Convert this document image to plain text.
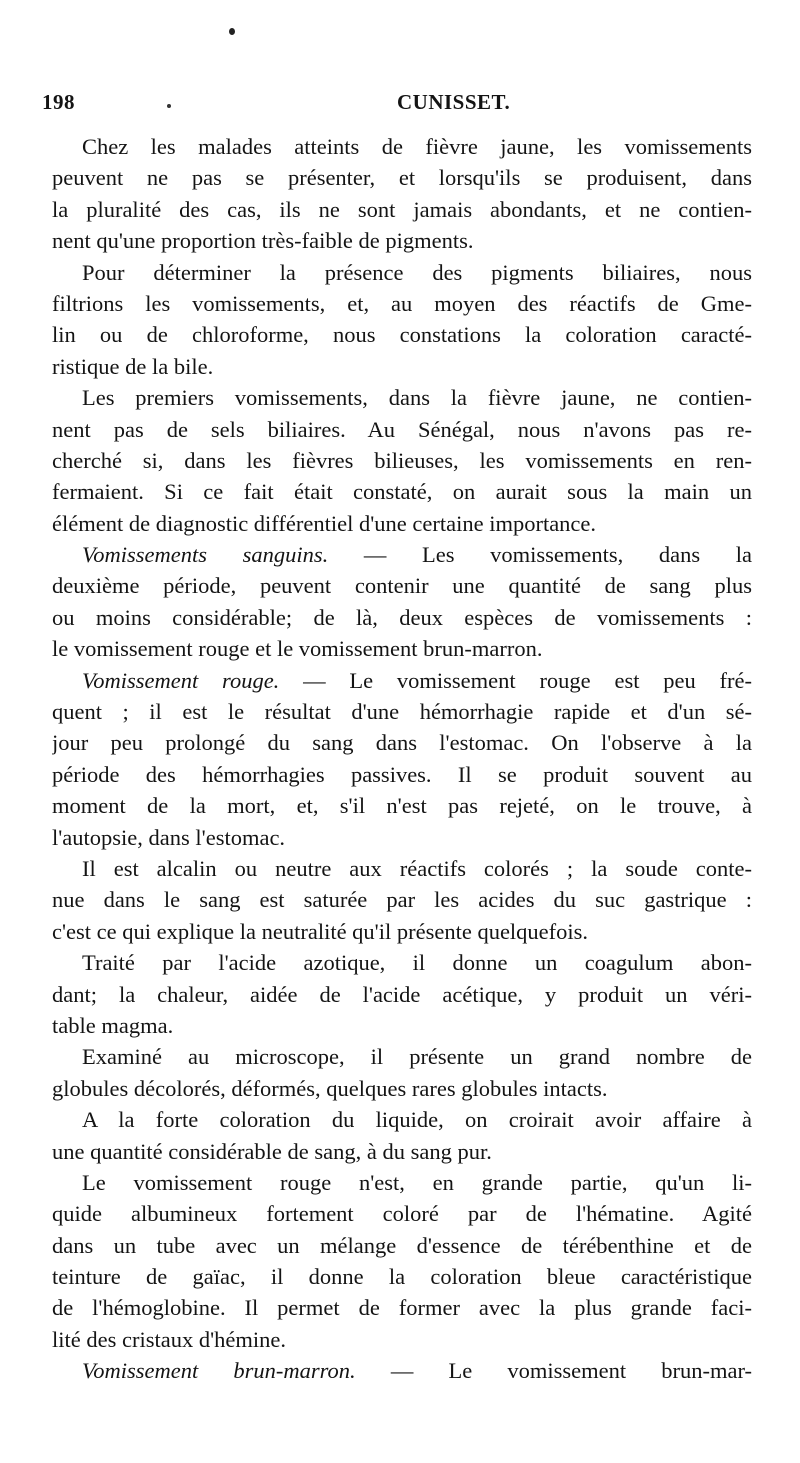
198	CUNISSET.
Chez les malades atteints de fièvre jaune, les vomissements
peuvent ne pas se présenter, et lorsqu'ils se produisent, dans
la pluralité des cas, ils ne sont jamais abondants, et ne contien-
nent qu'une proportion très-faible de pigments.
Pour déterminer la présence des pigments biliaires, nous
filtrions les vomissements, et, au moyen des réactifs de Gme-
lin ou de chloroforme, nous constations la coloration caracté-
ristique de la bile.
Les premiers vomissements, dans la fièvre jaune, ne contien-
nent pas de sels biliaires. Au Sénégal, nous n'avons pas re-
cherché si, dans les fièvres bilieuses, les vomissements en ren-
fermaient. Si ce fait était constaté, on aurait sous la main un
élément de diagnostic différentiel d'une certaine importance.
Vomissements sanguins. — Les vomissements, dans la
deuxième période, peuvent contenir une quantité de sang plus
ou moins considérable; de là, deux espèces de vomissements :
le vomissement rouge et le vomissement brun-marron.
Vomissement rouge. — Le vomissement rouge est peu fré-
quent ; il est le résultat d'une hémorrhagie rapide et d'un sé-
jour peu prolongé du sang dans l'estomac. On l'observe à la
période des hémorrhagies passives. Il se produit souvent au
moment de la mort, et, s'il n'est pas rejeté, on le trouve, à
l'autopsie, dans l'estomac.
Il est alcalin ou neutre aux réactifs colorés ; la soude conte-
nue dans le sang est saturée par les acides du suc gastrique :
c'est ce qui explique la neutralité qu'il présente quelquefois.
Traité par l'acide azotique, il donne un coagulum abon-
dant; la chaleur, aidée de l'acide acétique, y produit un véri-
table magma.
Examiné au microscope, il présente un grand nombre de
globules décolorés, déformés, quelques rares globules intacts.
A la forte coloration du liquide, on croirait avoir affaire à
une quantité considérable de sang, à du sang pur.
Le vomissement rouge n'est, en grande partie, qu'un li-
quide albumineux fortement coloré par de l'hématine. Agité
dans un tube avec un mélange d'essence de térébenthine et de
teinture de gaïac, il donne la coloration bleue caractéristique
de l'hémoglobine. Il permet de former avec la plus grande faci-
lité des cristaux d'hémine.
Vomissement brun-marron. — Le vomissement brun-mar-
